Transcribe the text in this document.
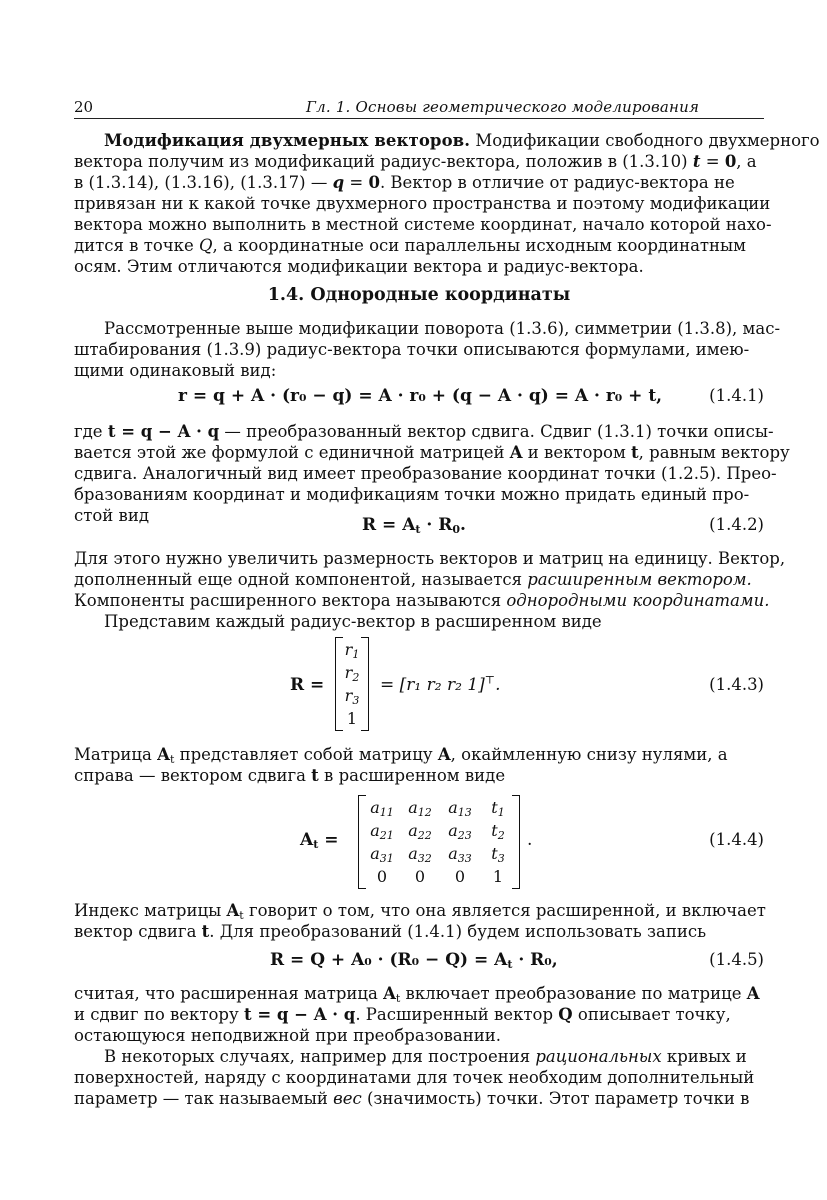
20	Гл. 1. Основы геометрического моделирования
Модификация двухмерных векторов. Модификации свободного двухмерного
вектора получим из модификаций радиус-вектора, положив в (1.3.10) t = 0, а
в (1.3.14), (1.3.16), (1.3.17) — q = 0. Вектор в отличие от радиус-вектора не
привязан ни к какой точке двухмерного пространства и поэтому модификации
вектора можно выполнить в местной системе координат, начало которой нахо-
дится в точке Q, а координатные оси параллельны исходным координатным
осям. Этим отличаются модификации вектора и радиус-вектора.
1.4. Однородные координаты
Рассмотренные выше модификации поворота (1.3.6), симметрии (1.3.8), мас-
штабирования (1.3.9) радиус-вектора точки описываются формулами, имею-
щими одинаковый вид:
r = q + A · (r₀ − q) = A · r₀ + (q − A · q) = A · r₀ + t,	(1.4.1)
где t = q − A · q — преобразованный вектор сдвига. Сдвиг (1.3.1) точки описы-
вается этой же формулой с единичной матрицей A и вектором t, равным вектору
сдвига. Аналогичный вид имеет преобразование координат точки (1.2.5). Прео-
бразованиям координат и модификациям точки можно придать единый про-
стой вид	$R = A_t \cdot R_0$.	(1.4.2)
Для этого нужно увеличить размерность векторов и матриц на единицу. Вектор,
дополненный еще одной компонентой, называется расширенным вектором.
Компоненты расширенного вектора называются однородными координатами.
Представим каждый радиус-вектор в расширенном виде
R =
$r_1$
$r_2$
$r_3$
1
= [r₁ r₂ r₂ 1]⊤.	(1.4.3)
Матрица $A_t$ представляет собой матрицу A, окаймленную снизу нулями, а
справа — вектором сдвига t в расширенном виде
$A_t$ =
$a_{11}$ $a_{12}$ $a_{13}$	$t_1$
$a_{21}$ $a_{22}$ $a_{23}$	$t_2$
$a_{31}$ $a_{32}$ $a_{33}$	$t_3$
0	0	0	1
.	(1.4.4)
Индекс матрицы $A_t$ говорит о том, что она является расширенной, и включает
вектор сдвига t. Для преобразований (1.4.1) будем использовать запись
$R = Q + A_0 \cdot (R_0 - Q) = A_t \cdot R_0$,	(1.4.5)
считая, что расширенная матрица $A_t$ включает преобразование по матрице A
и сдвиг по вектору t = q − A · q. Расширенный вектор Q описывает точку,
остающуюся неподвижной при преобразовании.
В некоторых случаях, например для построения рациональных кривых и
поверхностей, наряду с координатами для точек необходим дополнительный
параметр — так называемый вес (значимость) точки. Этот параметр точки в
